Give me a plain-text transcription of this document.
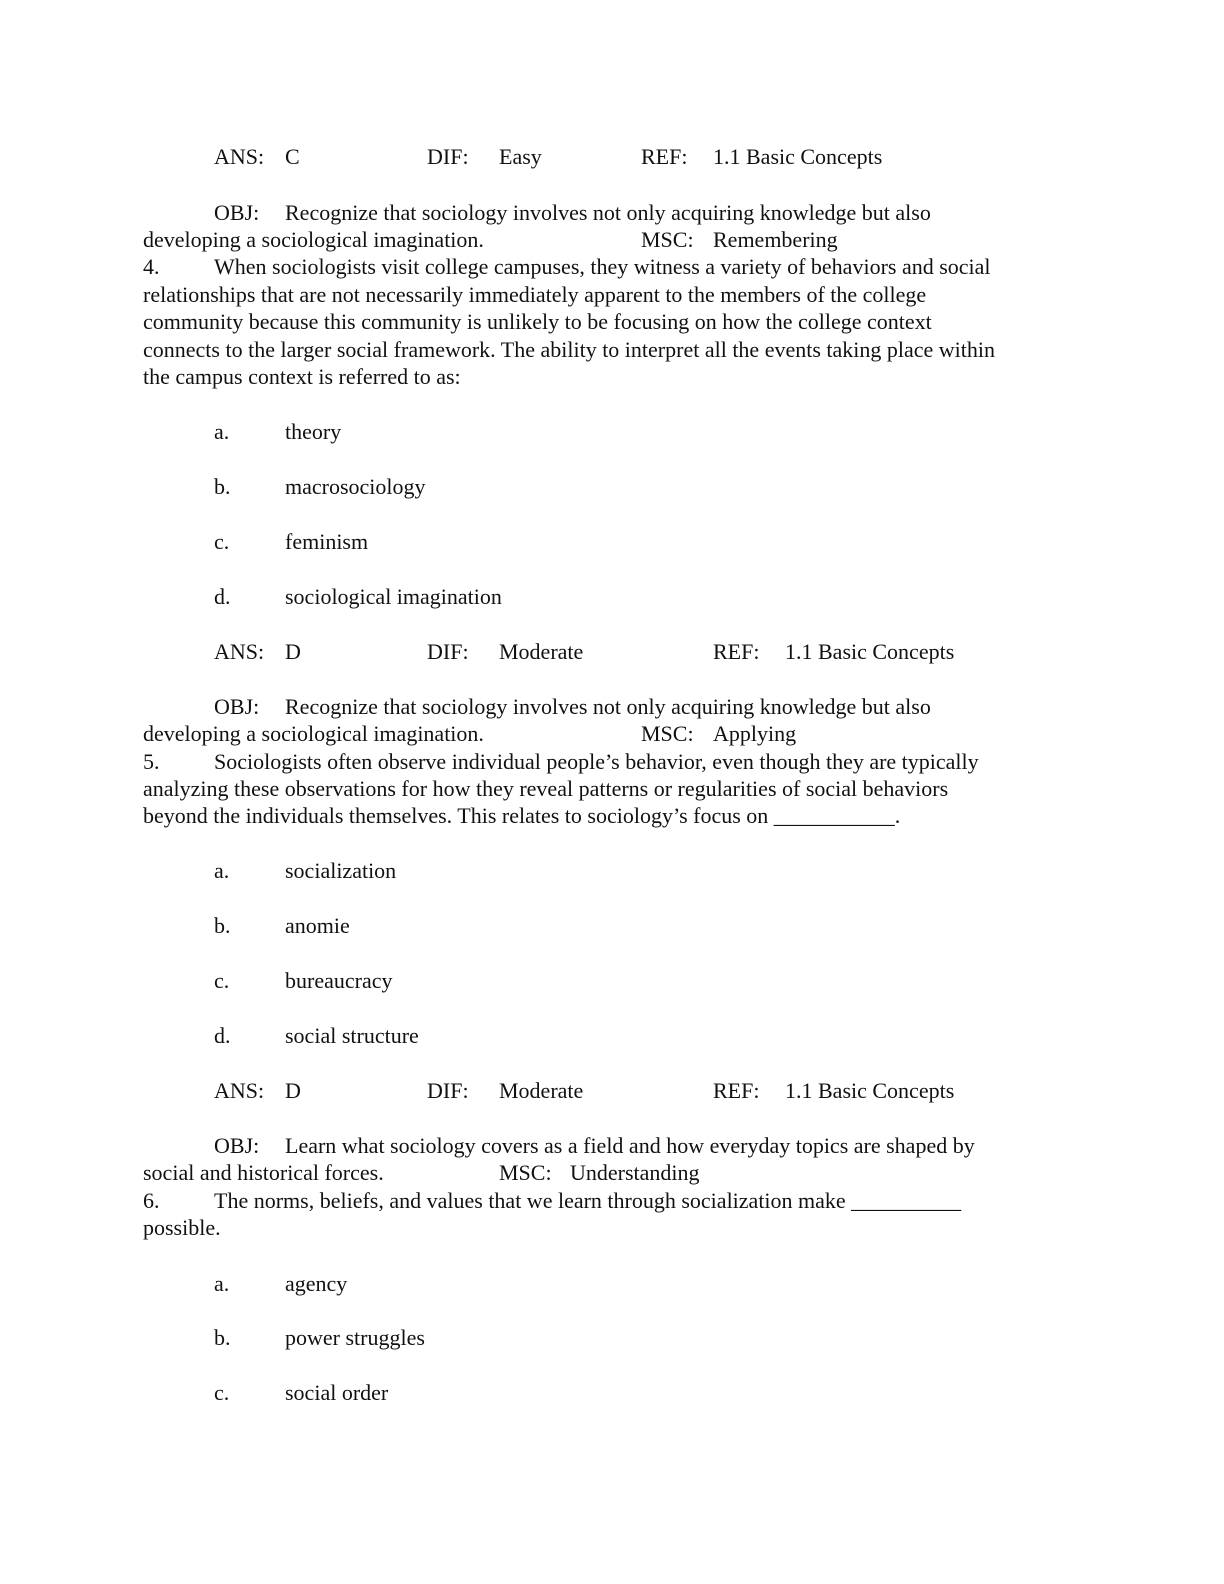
ANS: C	DIF: Easy	REF: 1.1 Basic Concepts
OBJ: Recognize that sociology involves not only acquiring knowledge but also
developing a sociological imagination.	MSC: Remembering
4. When sociologists visit college campuses, they witness a variety of behaviors and social
relationships that are not necessarily immediately apparent to the members of the college
community because this community is unlikely to be focusing on how the college context
connects to the larger social framework. The ability to interpret all the events taking place within
the campus context is referred to as:
a.	theory
b. macrosociology
c.	feminism
d. sociological imagination
ANS: D	DIF: Moderate	REF: 1.1 Basic Concepts
OBJ: Recognize that sociology involves not only acquiring knowledge but also
developing a sociological imagination.	MSC: Applying
5. Sociologists often observe individual people’s behavior, even though they are typically
analyzing these observations for how they reveal patterns or regularities of social behaviors
beyond the individuals themselves. This relates to sociology’s focus on ___________.
a.	socialization
b. anomie
c.	bureaucracy
d. social structure
ANS: D	DIF: Moderate	REF: 1.1 Basic Concepts
OBJ: Learn what sociology covers as a field and how everyday topics are shaped by
social and historical forces.	MSC: Understanding
6. The norms, beliefs, and values that we learn through socialization make __________
possible.
a.	agency
b. power struggles
c.	social order
